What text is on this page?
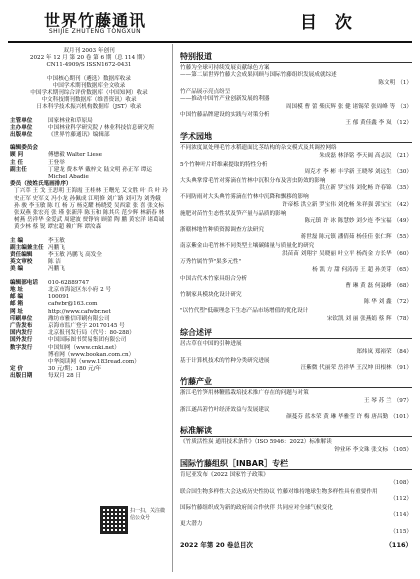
世界竹藤通讯
SHIJIE ZHUTENG TONGXUN	目 次
双月刊 2003 年创刊
2022 年 12 月 第 20 卷 第 6 期（总 114 期）
CN11-4909/S ISSN1672-0431
中国核心期刊（遴选）数据库收录
中国学术期刊数据库全文收录
中国学术期刊综合评价数据库（中国知网）收录
中文科技期刊数据库（维普资讯）收录
日本科学技术振兴机构数据库（JST）收录
主管单位	国家林业和草原局
主办单位	中国林业科学研究院 / 林业科技信息研究所
出版单位	《世界竹藤通讯》编辑部
编辑委员会
顾 问	傅懋毅 Walter Liese
主 任	王登举
副主任	丁建龙 费本华 戴梓文 陆文明 孙正军 谭运 Michel Abadie
委员（按姓氏笔画排序）
丁兴萃 王 戈 王思明 王海霞 王桂林 王曙光 艾文胜 叶 兵 叶 玲 史正军 史军义 冯小龙 孙佩成 江明修 刘广路 刘可为 刘秀娥 孙 骏 李玉敏 陈 红 杨 万 杨克耀 杨晓爱 吴西蒙 张 喜 张文标 张双燕 张宏亮 张 瑾 张新萍 陈玉和 陈其兵 范少辉 林新春 林树燕 岳祥华 金爱武 周建波 贾铮钧 顾蕾 陶 鹏 黄宏洋 诸葛诚 黄少林 蔡 锐 谭宏超 赖广辉 谭汝森
主 编	李玉敏
副主编兼主任 冯鹏飞
责任编辑	李玉敏 冯鹏飞 高发全
英文审校	陈 洁
美 编	冯鹏飞
编辑部电话	010-62889747
地 址	北京市海淀区东小府 2 号
邮 编	100091
邮 箱	cafwbr@163.com
网 址	http://www.cafwbr.net
印刷单位	潍坊市雅信印刷有限公司
广告发布	京海市监广登字 20170145 号
国内发行	北京报刊发行局（代号：80-288）
国外发行	中国国际图书贸易集团有限公司
数字发行	中国知网（www.cnki.net）
博看网（www.bookan.com.cn）
中华阅读网（www.183read.com）
定 价	30 元/期；180 元/年
出版日期	每双月 28 日
扫一扫，关注微信公众号
特别报道
竹藤为全球可持续发展贡献绿色方案
——第二届世界竹藤大会成果回顾与国际竹藤组织发展成就综述
陈文明 （1）
竹产品展示亮点纷呈
——推动中国竹产业创新发展的利器
周国模 曹 蕾 柴庆辉 张 健 诸锡荣 张周峰 等 （3）
中国竹藤品牌建设的实践与对策分析
王 郁 黄佳鑫 李 岚 （12）
学术园地
不同浓度氮处理毛竹水稻遗面比茎结构的杂交模式及其调控网络
朱成磊 林泽铭 李天阔 高志民 （21）
5个竹种叶片纤维素提取的特性分析
周克才 李 彬 丰学新 王晓琴 刘远生 （30）
大头典掌常毛竹对雾滴在竹林中沉积分布及害虫防效的影响
洪立新 罗宝伟 刘化畅 许春锦 （35）
不同防雨对大头典竹雾滴在竹林中沉降和飘移的影响
许帝栎 洪立新 罗宝伟 刘化畅 朱祥强 郭宝宝 （42）
施肥对苗竹生态性状及笋产量与品质的影响
陈元镇 许 冰 陈慧妙 刘少连 李宝福 （49）
浙赣林地竹种质资源调查方法研究
蒋世磊 陈元镇 潘倩茹 杨佳佳 张仁辉 （55）
南京紫金山毛竹林不同类型土壤碳储量与质量化的研究
洪苗苗 刘翔宇 吴晓丽 叶立平 杨尚金 方长华 （60）
万秀竹属竹笋"果多元性"
杨 凯 方 甜 何涛涛 王 超 孙美芽 （65）
中国古代木竹家具组合分析
曹 琳 黄 磊 何聂峰 （68）
竹制家具模块化设计研究
陈 华 刘 鑫 （72）
"以竹代塑"低碳理念下生态产品市场增值的优化设计
宋钦凯 刘 丽 张燕娟 蔡 辉 （78）
综合述评
居古草在中国的引种进展
郑炜岚 郑裕荣 （84）
基于计算机技术的竹种分类研究进展
汪紫微 代丽荣 岳祥华 王汉坤 田根林 （91）
竹藤产业
浙江毛竹笋用林鞭篮栽培技术推广存在的问题与对策
王 琴 苏 兰 （97）
浙江遂昌箬竹叶经济效益与发展建议
颜蔓芬 蓝本荣 黄 琳 毕雅莹 许 梅 唐昌勤 （101）
标准解读
《竹质活性炭 通用技术条件》（ISO 5946：2022）标准解读
钟业环 李文珠 张文标 （105）
国际竹藤组织［INBAR］专栏
肯尼亚发布《2022 国家竹子政策》
（108）
联合国生物多样性大会达成历史性协议 竹藤对维持地球生物多样性具有重要作用
（112）
国际竹藤组织成为新的政府间合作伙伴 共同应对全球气候变化
（114）
更大潜力
（115）
2022 年第 20 卷总目次	（116）
